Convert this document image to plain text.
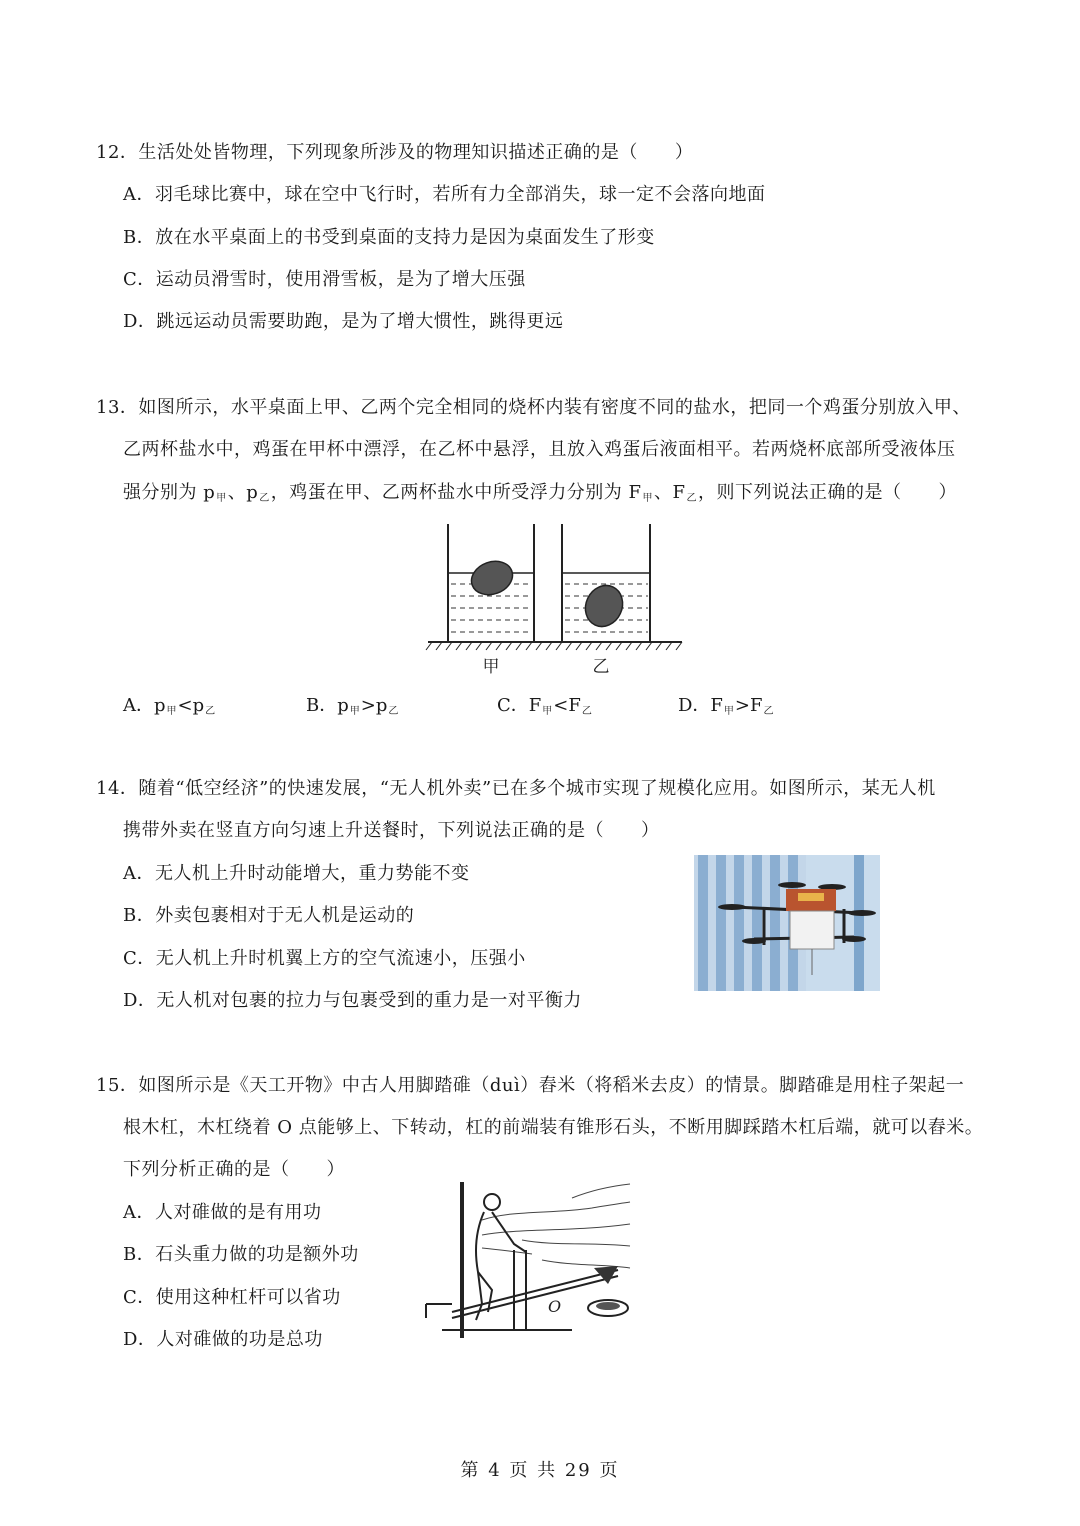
12．生活处处皆物理，下列现象所涉及的物理知识描述正确的是（　　）
A．羽毛球比赛中，球在空中飞行时，若所有力全部消失，球一定不会落向地面
B．放在水平桌面上的书受到桌面的支持力是因为桌面发生了形变
C．运动员滑雪时，使用滑雪板，是为了增大压强
D．跳远运动员需要助跑，是为了增大惯性，跳得更远
13．如图所示，水平桌面上甲、乙两个完全相同的烧杯内装有密度不同的盐水，把同一个鸡蛋分别放入甲、
乙两杯盐水中，鸡蛋在甲杯中漂浮，在乙杯中悬浮，且放入鸡蛋后液面相平。若两烧杯底部所受液体压
强分别为 $p_甲$、$p_乙$，鸡蛋在甲、乙两杯盐水中所受浮力分别为 $F_甲$、$F_乙$，则下列说法正确的是（　　）
甲	乙
A．$p_甲<p_乙$	B．$p_甲>p_乙$	C．$F_甲<F_乙$	D．$F_甲>F_乙$
14．随着“低空经济”的快速发展，“无人机外卖”已在多个城市实现了规模化应用。如图所示，某无人机
携带外卖在竖直方向匀速上升送餐时，下列说法正确的是（　　）
A．无人机上升时动能增大，重力势能不变
B．外卖包裹相对于无人机是运动的
C．无人机上升时机翼上方的空气流速小，压强小
D．无人机对包裹的拉力与包裹受到的重力是一对平衡力
15．如图所示是《天工开物》中古人用脚踏碓（duì）舂米（将稻米去皮）的情景。脚踏碓是用柱子架起一
根木杠，木杠绕着 O 点能够上、下转动，杠的前端装有锥形石头，不断用脚踩踏木杠后端，就可以舂米。
下列分析正确的是（　　）
A．人对碓做的是有用功
B．石头重力做的功是额外功
C．使用这种杠杆可以省功
D．人对碓做的功是总功
O
第 4 页 共 29 页
